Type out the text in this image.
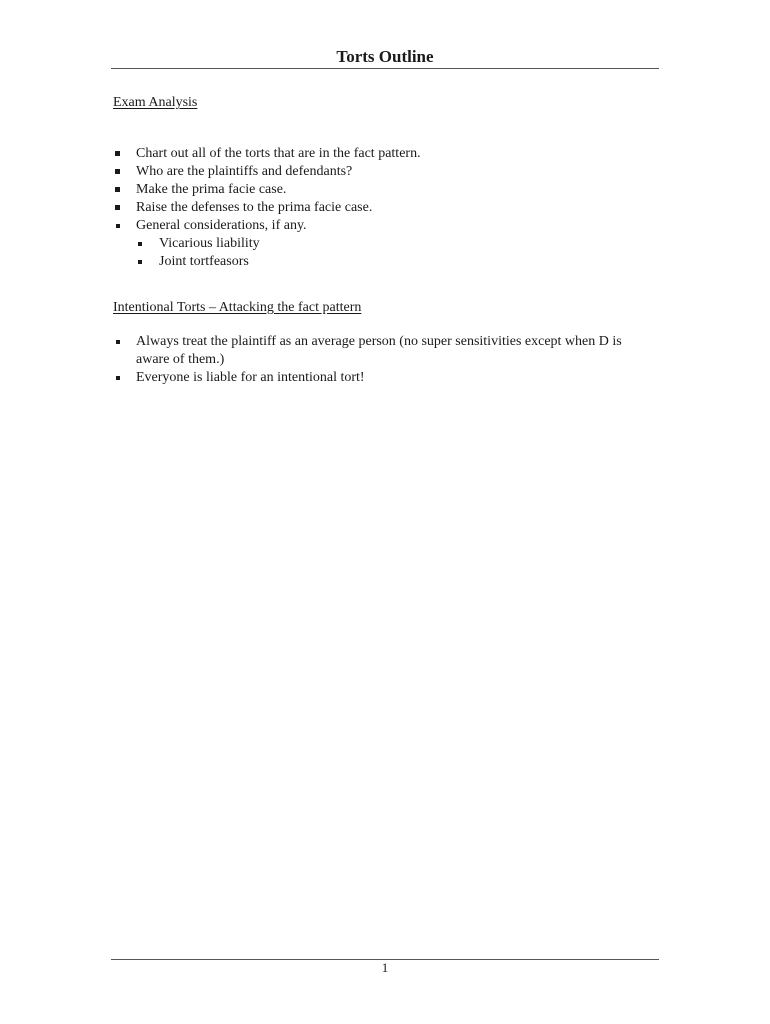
Torts Outline
Exam Analysis
Chart out all of the torts that are in the fact pattern.
Who are the plaintiffs and defendants?
Make the prima facie case.
Raise the defenses to the prima facie case.
General considerations, if any.
Vicarious liability
Joint tortfeasors
Intentional Torts – Attacking the fact pattern
Always treat the plaintiff as an average person (no super sensitivities except when D is aware of them.)
Everyone is liable for an intentional tort!
1
